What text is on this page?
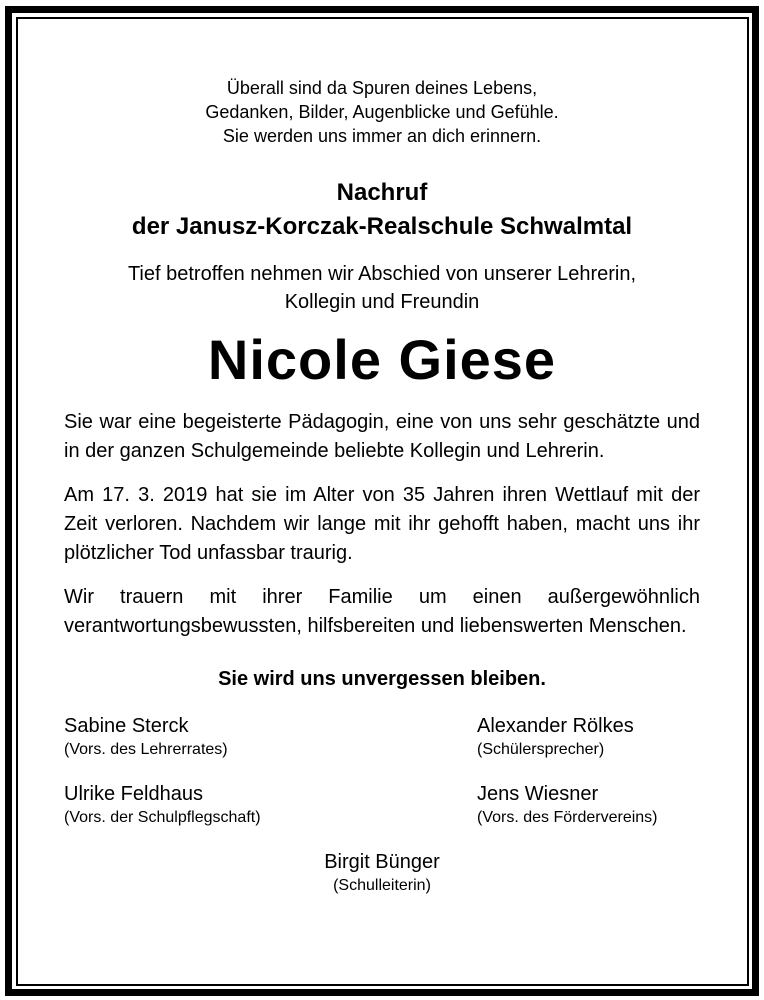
Überall sind da Spuren deines Lebens,
Gedanken, Bilder, Augenblicke und Gefühle.
Sie werden uns immer an dich erinnern.
Nachruf
der Janusz-Korczak-Realschule Schwalmtal
Tief betroffen nehmen wir Abschied von unserer Lehrerin,
Kollegin und Freundin
Nicole Giese
Sie war eine begeisterte Pädagogin, eine von uns sehr geschätzte und in der ganzen Schulgemeinde beliebte Kollegin und Lehrerin.
Am 17. 3. 2019 hat sie im Alter von 35 Jahren ihren Wettlauf mit der Zeit verloren. Nachdem wir lange mit ihr gehofft haben, macht uns ihr plötzlicher Tod unfassbar traurig.
Wir trauern mit ihrer Familie um einen außergewöhnlich verantwortungsbewussten, hilfsbereiten und liebenswerten Menschen.
Sie wird uns unvergessen bleiben.
Sabine Sterck
(Vors. des Lehrerrates)
Alexander Rölkes
(Schülersprecher)
Ulrike Feldhaus
(Vors. der Schulpflegschaft)
Jens Wiesner
(Vors. des Fördervereins)
Birgit Bünger
(Schulleiterin)
